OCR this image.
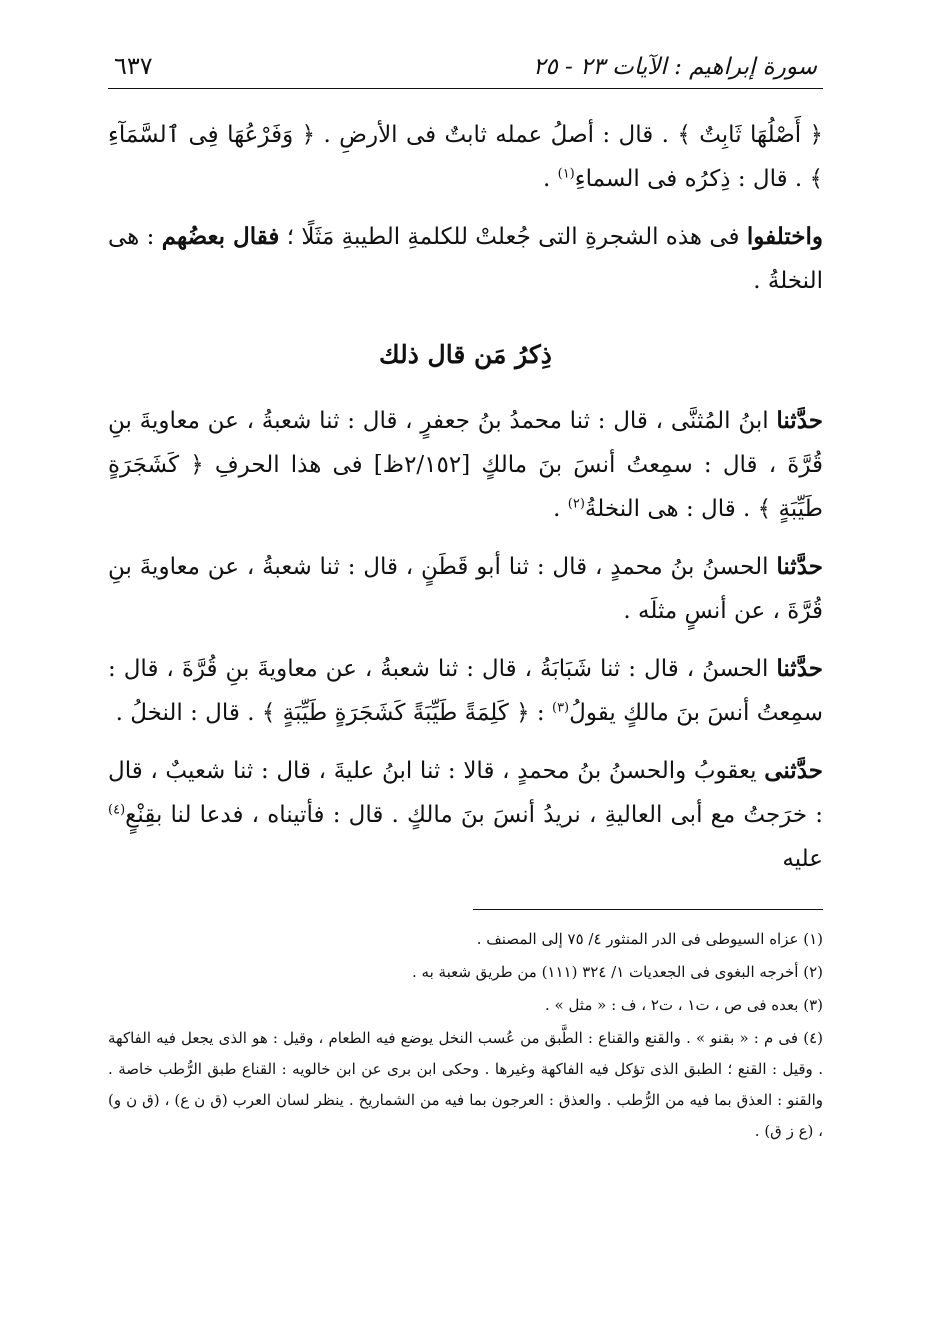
سورة إبراهيم : الآيات ٢٣ - ٢٥
٦٣٧

﴿ أَصْلُهَا ثَابِتٌ ﴾ . قال : أصلُ عمله ثابتٌ فى الأرضِ . ﴿ وَفَرْعُهَا فِى ٱلسَّمَآءِ ﴾ . قال : ذِكرُه فى السماءِ$^{(١)}$ .

واختلفوا فى هذه الشجرةِ التى جُعلتْ للكلمةِ الطيبةِ مَثَلًا ؛ فقال بعضُهم : هى النخلةُ .

ذِكرُ مَن قال ذلك

حدَّثنا ابنُ المُثنَّى ، قال : ثنا محمدُ بنُ جعفرٍ ، قال : ثنا شعبةُ ، عن معاويةَ بنِ قُرَّةَ ، قال : سمِعتُ أنسَ بنَ مالكٍ [٢/١٥٢ظ] فى هذا الحرفِ ﴿ كَشَجَرَةٍ طَيِّبَةٍ ﴾ . قال : هى النخلةُ$^{(٢)}$ .

حدَّثنا الحسنُ بنُ محمدٍ ، قال : ثنا أبو قَطَنٍ ، قال : ثنا شعبةُ ، عن معاويةَ بنِ قُرَّةَ ، عن أنسٍ مثلَه .

حدَّثنا الحسنُ ، قال : ثنا شَبَابَةُ ، قال : ثنا شعبةُ ، عن معاويةَ بنِ قُرَّةَ ، قال : سمِعتُ أنسَ بنَ مالكٍ يقولُ$^{(٣)}$ : ﴿ كَلِمَةً طَيِّبَةً كَشَجَرَةٍ طَيِّبَةٍ ﴾ . قال : النخلُ .

حدَّثنى يعقوبُ والحسنُ بنُ محمدٍ ، قالا : ثنا ابنُ عليةَ ، قال : ثنا شعيبٌ ، قال : خرَجتُ مع أبى العاليةِ ، نريدُ أنسَ بنَ مالكٍ . قال : فأتيناه ، فدعا لنا بقِنْعٍ$^{(٤)}$ عليه

(١) عزاه السيوطى فى الدر المنثور ٤/ ٧٥ إلى المصنف .

(٢) أخرجه البغوى فى الجعديات ١/ ٣٢٤ (١١١) من طريق شعبة به .

(٣) بعده فى ص ، ت١ ، ت٢ ، ف : « مثل » .

(٤) فى م : « بقنو » . والقنع والقناع : الطَّبق من عُسب النخل يوضع فيه الطعام ، وقيل : هو الذى يجعل فيه الفاكهة . وقيل : القنع ؛ الطبق الذى تؤكل فيه الفاكهة وغيرها . وحكى ابن برى عن ابن خالويه : القناع طبق الرُّطب خاصة . والقنو : العذق بما فيه من الرُّطب . والعذق : العرجون بما فيه من الشماريخ . ينظر لسان العرب (ق ن ع) ، (ق ن و) ، (ع ز ق) .
